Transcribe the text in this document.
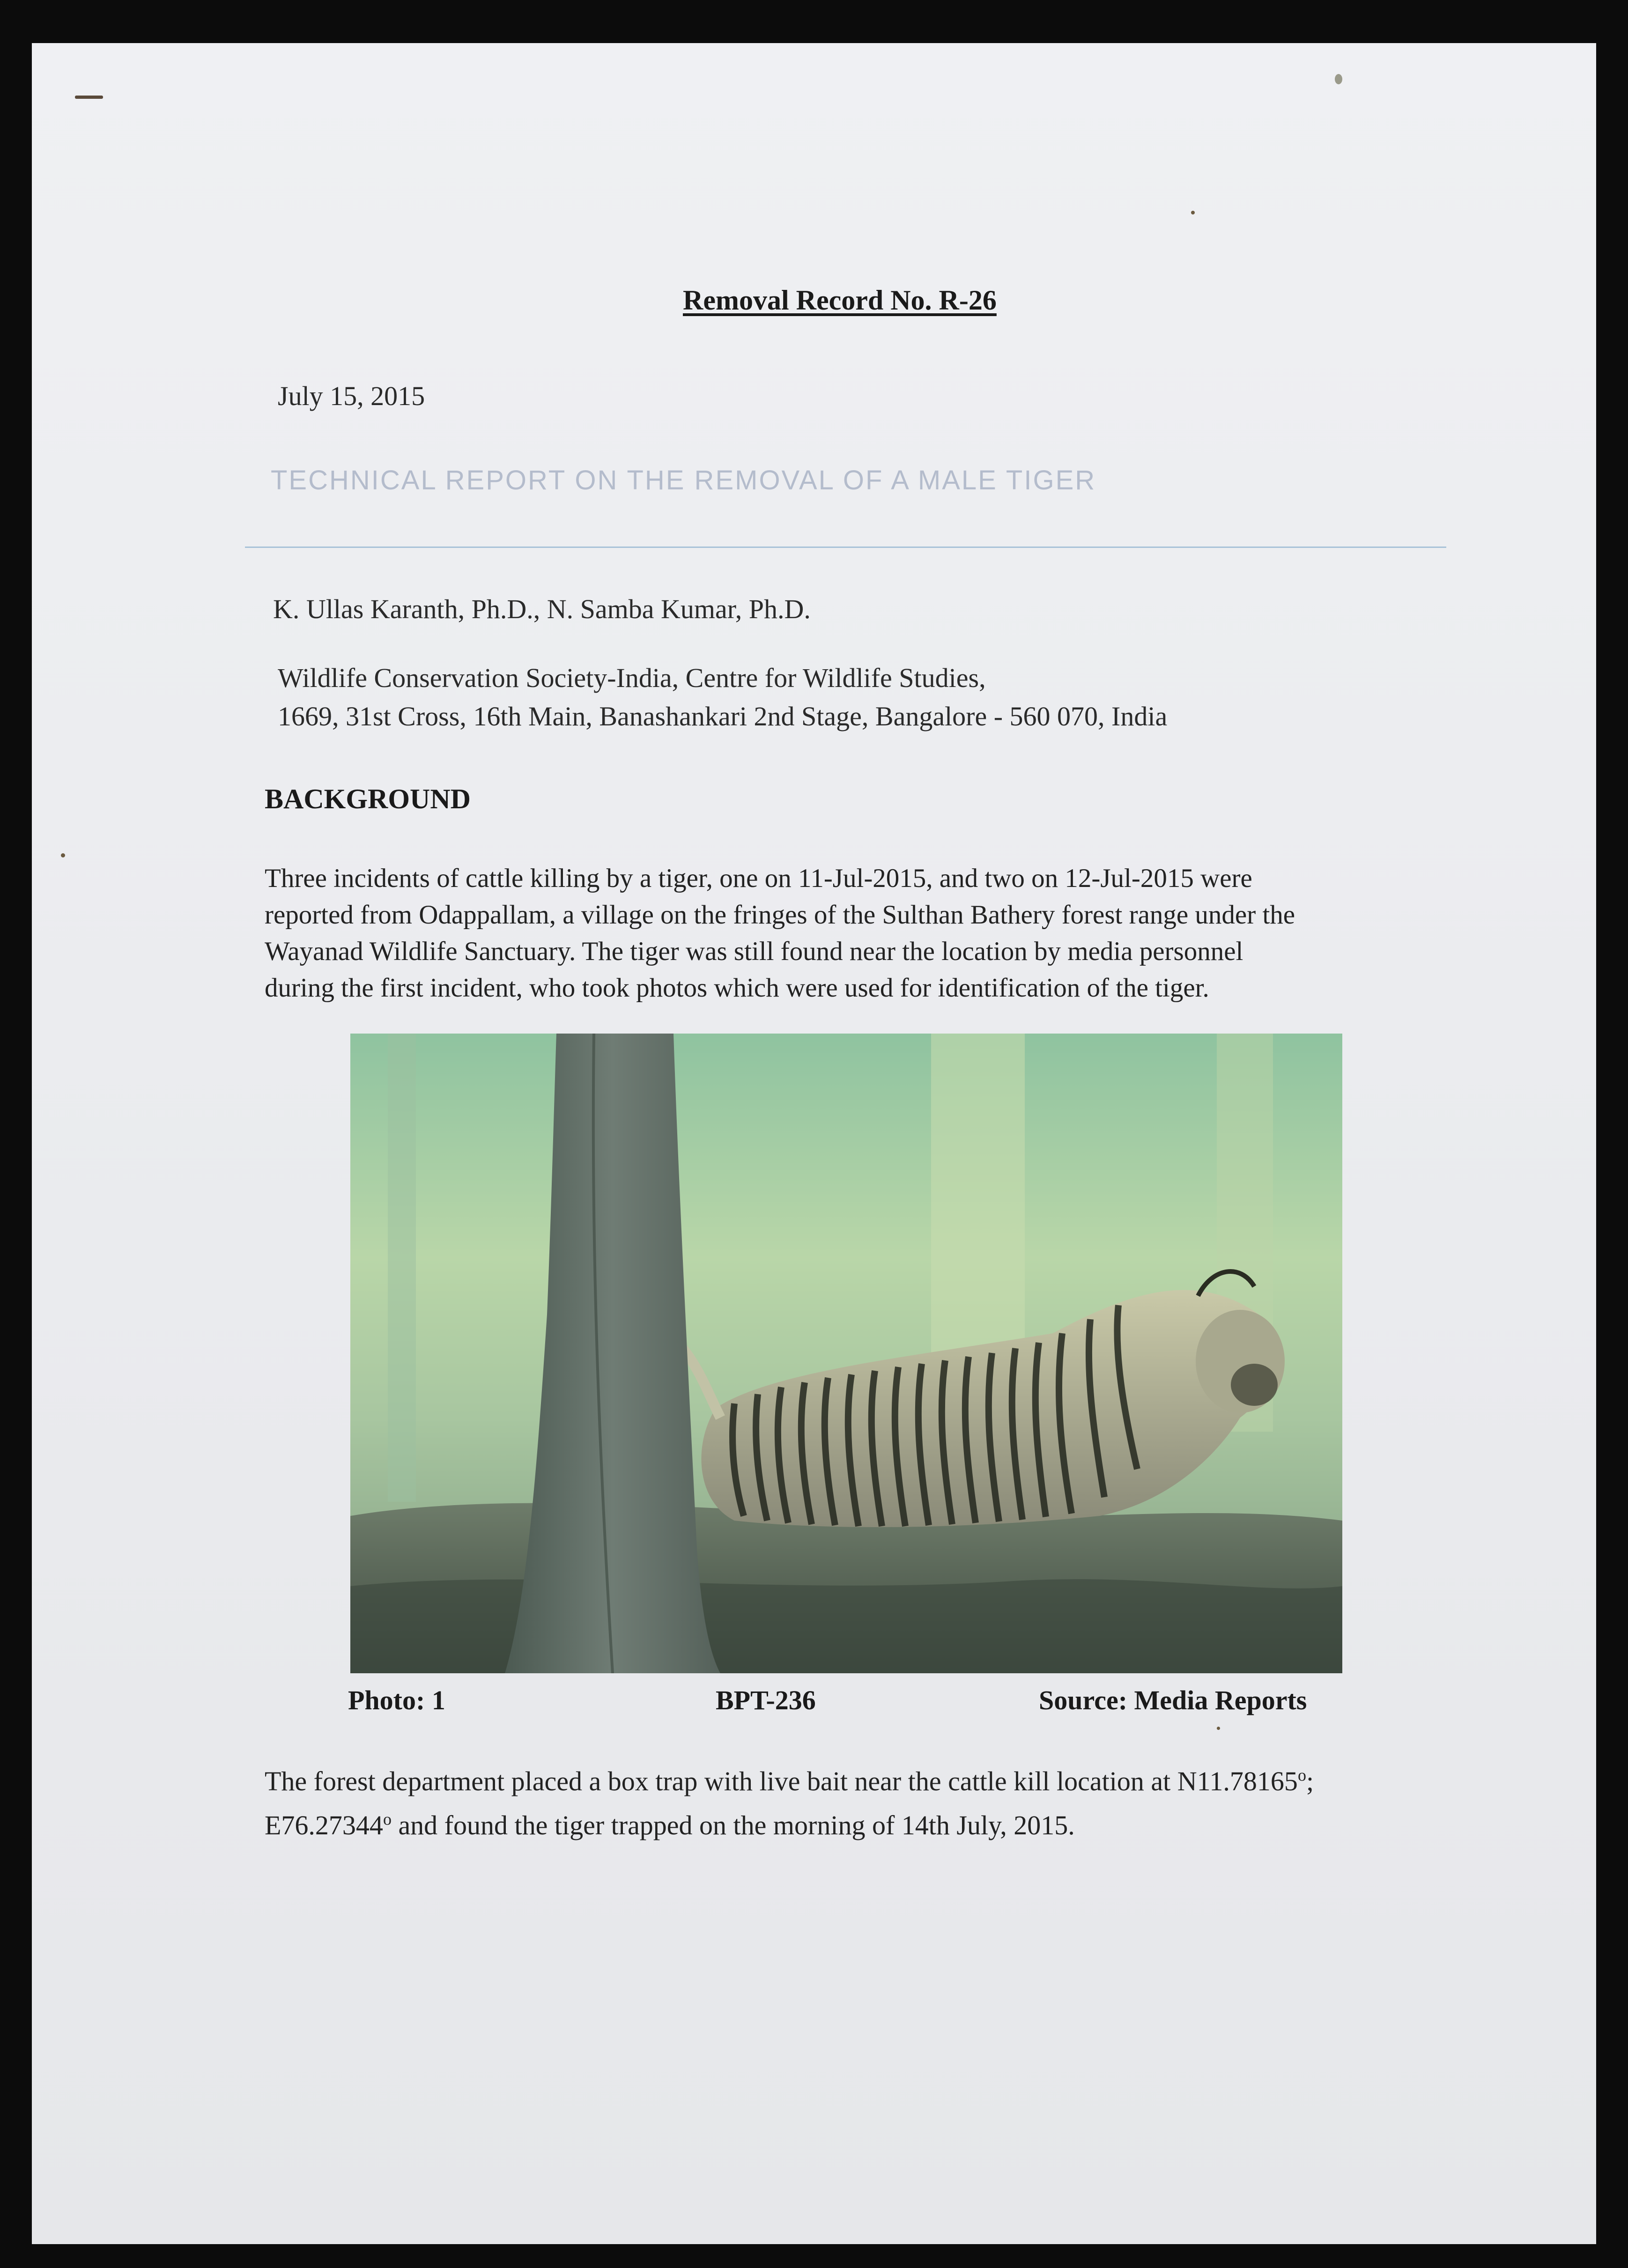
Removal Record No. R-26
July 15, 2015
TECHNICAL REPORT ON THE REMOVAL OF A MALE TIGER
K. Ullas Karanth, Ph.D., N. Samba Kumar, Ph.D.
Wildlife Conservation Society-India, Centre for Wildlife Studies,
1669, 31st Cross, 16th Main, Banashankari 2nd Stage, Bangalore - 560 070, India
BACKGROUND
Three incidents of cattle killing by a tiger, one on 11-Jul-2015, and two on 12-Jul-2015 were
reported from Odappallam, a village on the fringes of the Sulthan Bathery forest range under the
Wayanad Wildlife Sanctuary. The tiger was still found near the location by media personnel
during the first incident, who took photos which were used for identification of the tiger.
Photo: 1	BPT-236	Source: Media Reports
The forest department placed a box trap with live bait near the cattle kill location at N11.78165$^o$;
E76.27344$^o$ and found the tiger trapped on the morning of 14th July, 2015.
